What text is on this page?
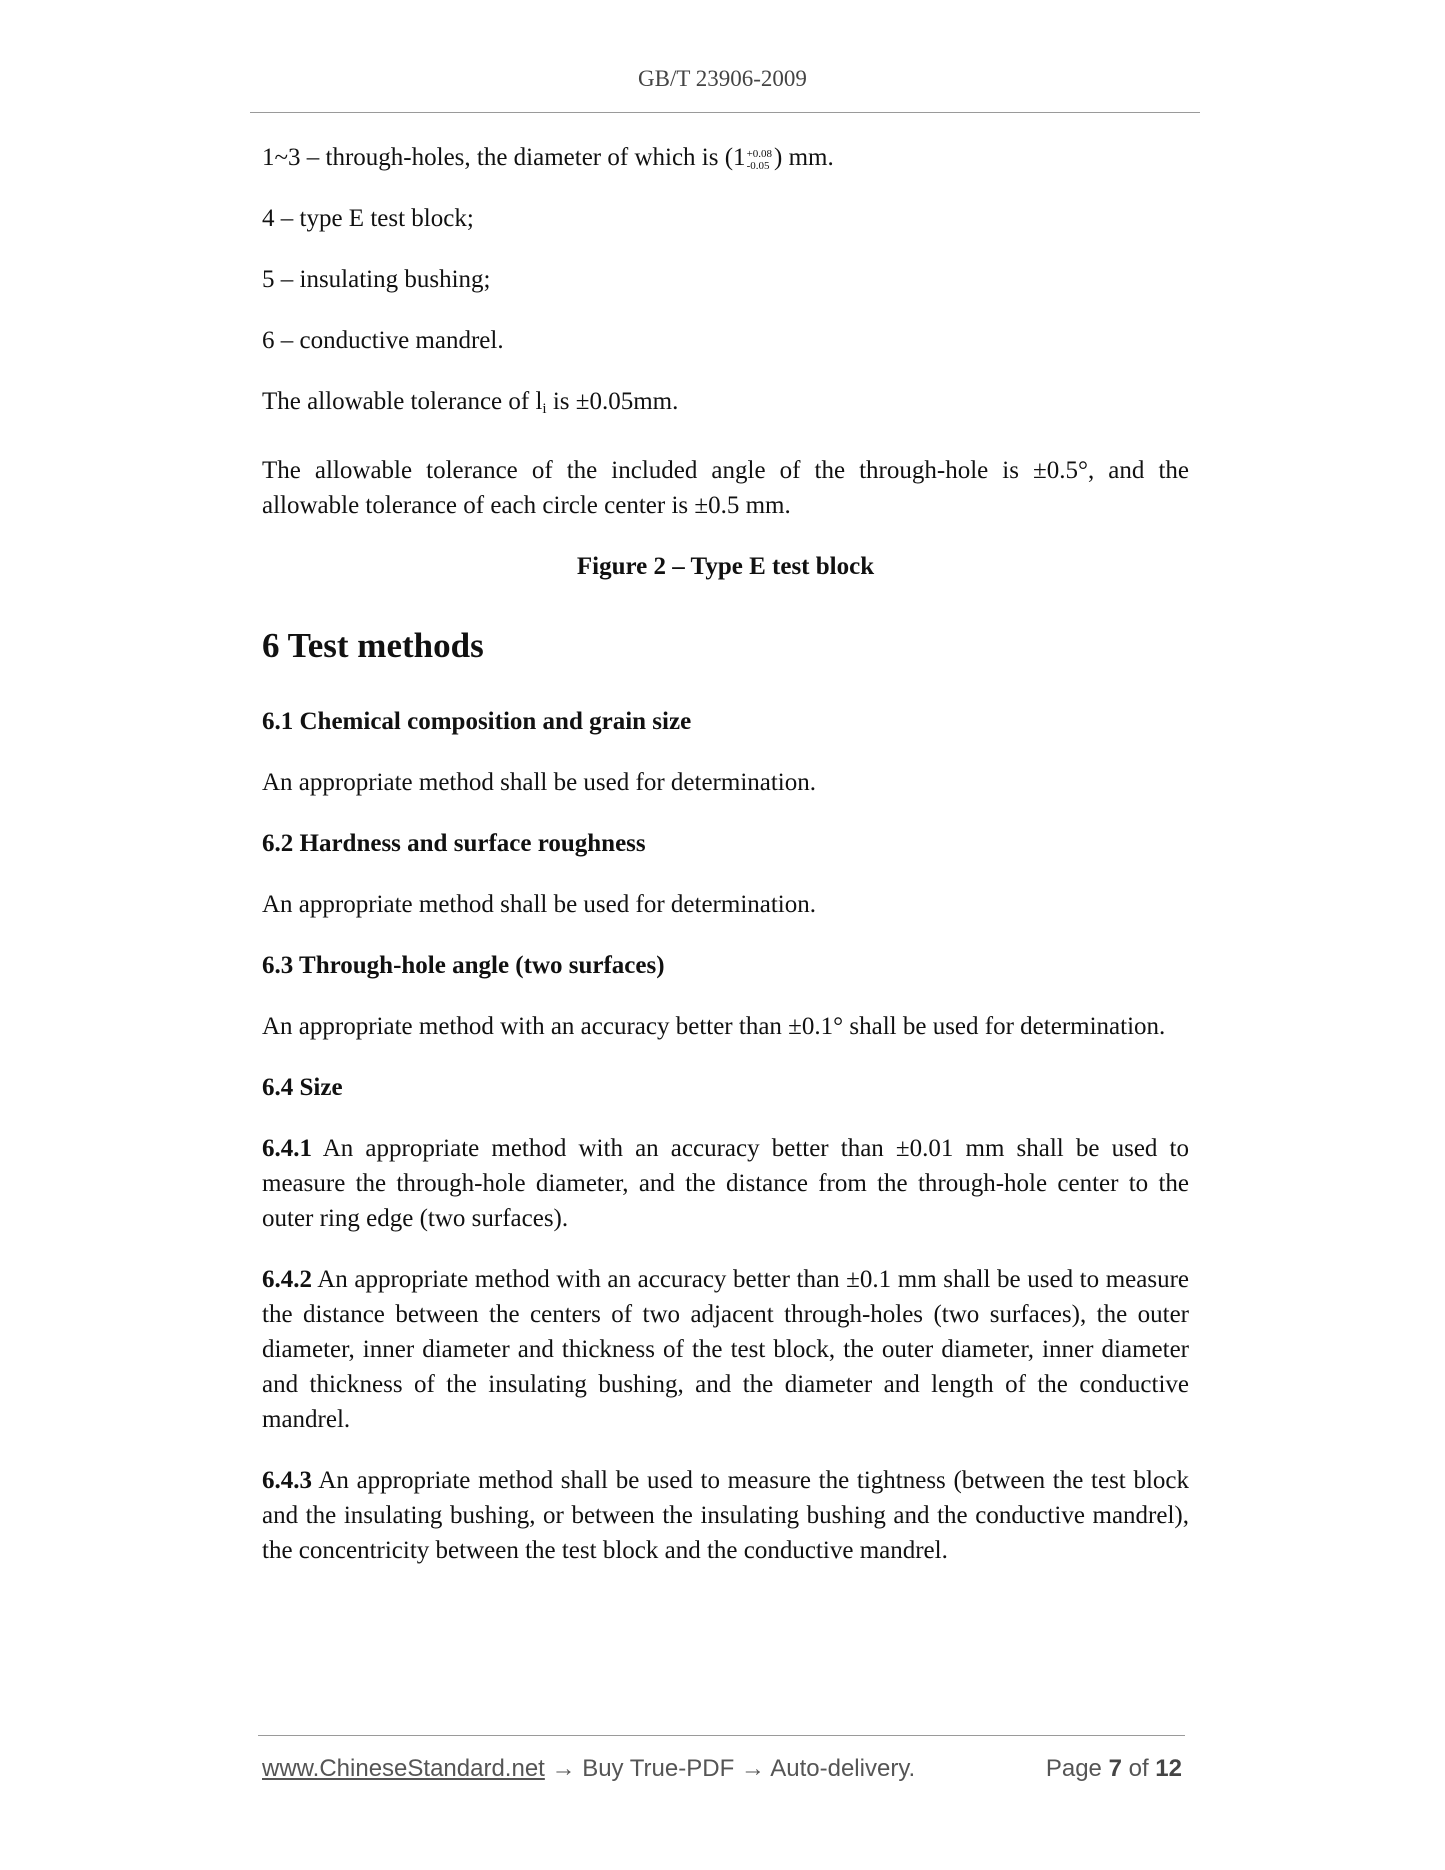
GB/T 23906-2009

1~3 – through-holes, the diameter of which is (1 +0.08
-0.05 ) mm.

4 – type E test block;

5 – insulating bushing;

6 – conductive mandrel.

The allowable tolerance of $l_i$ is ±0.05mm.

The allowable tolerance of the included angle of the through-hole is ±0.5°, and the allowable tolerance of each circle center is ±0.5 mm.

Figure 2 – Type E test block

6 Test methods
6.1 Chemical composition and grain size

An appropriate method shall be used for determination.

6.2 Hardness and surface roughness

An appropriate method shall be used for determination.

6.3 Through-hole angle (two surfaces)

An appropriate method with an accuracy better than ±0.1° shall be used for determination.

6.4 Size

6.4.1 An appropriate method with an accuracy better than ±0.01 mm shall be used to measure the through-hole diameter, and the distance from the through-hole center to the outer ring edge (two surfaces).

6.4.2 An appropriate method with an accuracy better than ±0.1 mm shall be used to measure the distance between the centers of two adjacent through-holes (two surfaces), the outer diameter, inner diameter and thickness of the test block, the outer diameter, inner diameter and thickness of the insulating bushing, and the diameter and length of the conductive mandrel.

6.4.3 An appropriate method shall be used to measure the tightness (between the test block and the insulating bushing, or between the insulating bushing and the conductive mandrel), the concentricity between the test block and the conductive mandrel.

www.ChineseStandard.net → Buy True-PDF → Auto-delivery.	Page 7 of 12
